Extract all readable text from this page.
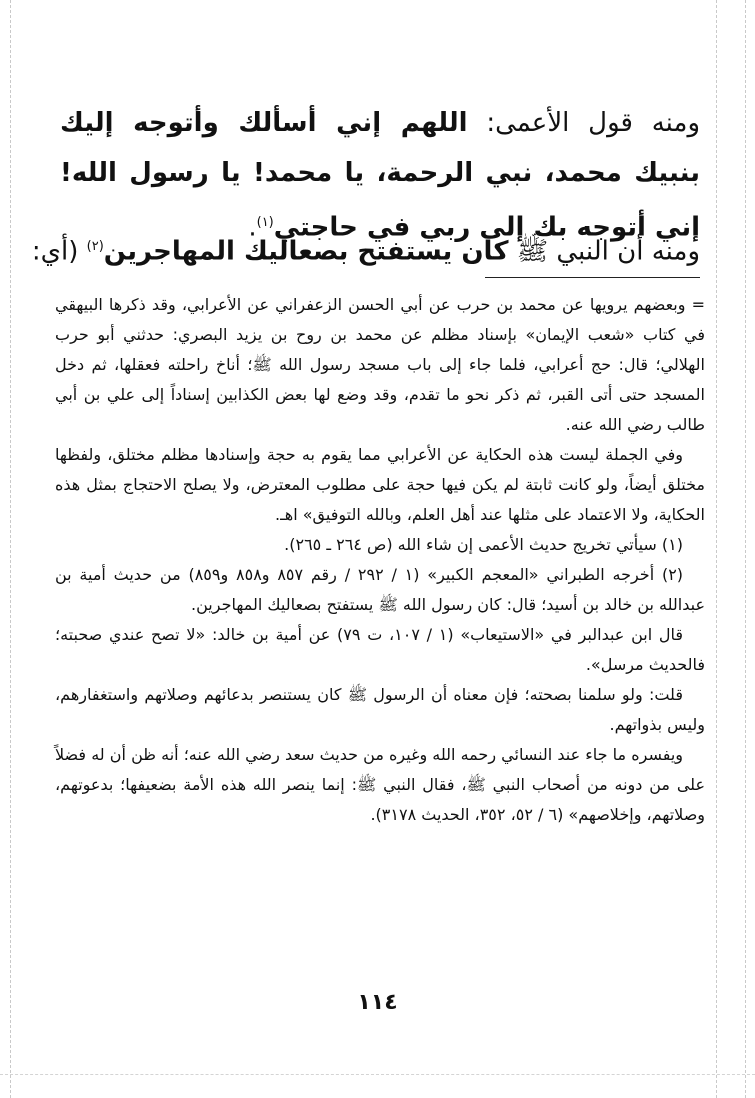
ومنه قول الأعمى: اللهم إني أسألك وأتوجه إليك بنبيك محمد، نبي الرحمة، يا محمد! يا رسول الله! إني أتوجه بك إلى ربي في حاجتي$^{(١)}$.
ومنه أن النبي ﷺ كان يستفتح بصعاليك المهاجرين$^{(٢)}$ (أي:

= وبعضهم يرويها عن محمد بن حرب عن أبي الحسن الزعفراني عن الأعرابي، وقد ذكرها البيهقي في كتاب «شعب الإيمان» بإسناد مظلم عن محمد بن روح بن يزيد البصري: حدثني أبو حرب الهلالي؛ قال: حج أعرابي، فلما جاء إلى باب مسجد رسول الله ﷺ؛ أناخ راحلته فعقلها، ثم دخل المسجد حتى أتى القبر، ثم ذكر نحو ما تقدم، وقد وضع لها بعض الكذابين إسناداً إلى علي بن أبي طالب رضي الله عنه.

وفي الجملة ليست هذه الحكاية عن الأعرابي مما يقوم به حجة وإسنادها مظلم مختلق، ولفظها مختلق أيضاً، ولو كانت ثابتة لم يكن فيها حجة على مطلوب المعترض، ولا يصلح الاحتجاج بمثل هذه الحكاية، ولا الاعتماد على مثلها عند أهل العلم، وبالله التوفيق» اهـ.

(١) سيأتي تخريج حديث الأعمى إن شاء الله (ص ٢٦٤ ـ ٢٦٥).

(٢) أخرجه الطبراني «المعجم الكبير» (١ / ٢٩٢ / رقم ٨٥٧ و٨٥٨ و٨٥٩) من حديث أمية بن عبدالله بن خالد بن أسيد؛ قال: كان رسول الله ﷺ يستفتح بصعاليك المهاجرين.

قال ابن عبدالبر في «الاستيعاب» (١ / ١٠٧، ت ٧٩) عن أمية بن خالد: «لا تصح عندي صحبته؛ فالحديث مرسل».

قلت: ولو سلمنا بصحته؛ فإن معناه أن الرسول ﷺ كان يستنصر بدعائهم وصلاتهم واستغفارهم، وليس بذواتهم.

ويفسره ما جاء عند النسائي رحمه الله وغيره من حديث سعد رضي الله عنه؛ أنه ظن أن له فضلاً على من دونه من أصحاب النبي ﷺ، فقال النبي ﷺ: إنما ينصر الله هذه الأمة بضعيفها؛ بدعوتهم، وصلاتهم، وإخلاصهم» (٦ / ٥٢، ٣٥٢، الحديث ٣١٧٨).

١١٤
